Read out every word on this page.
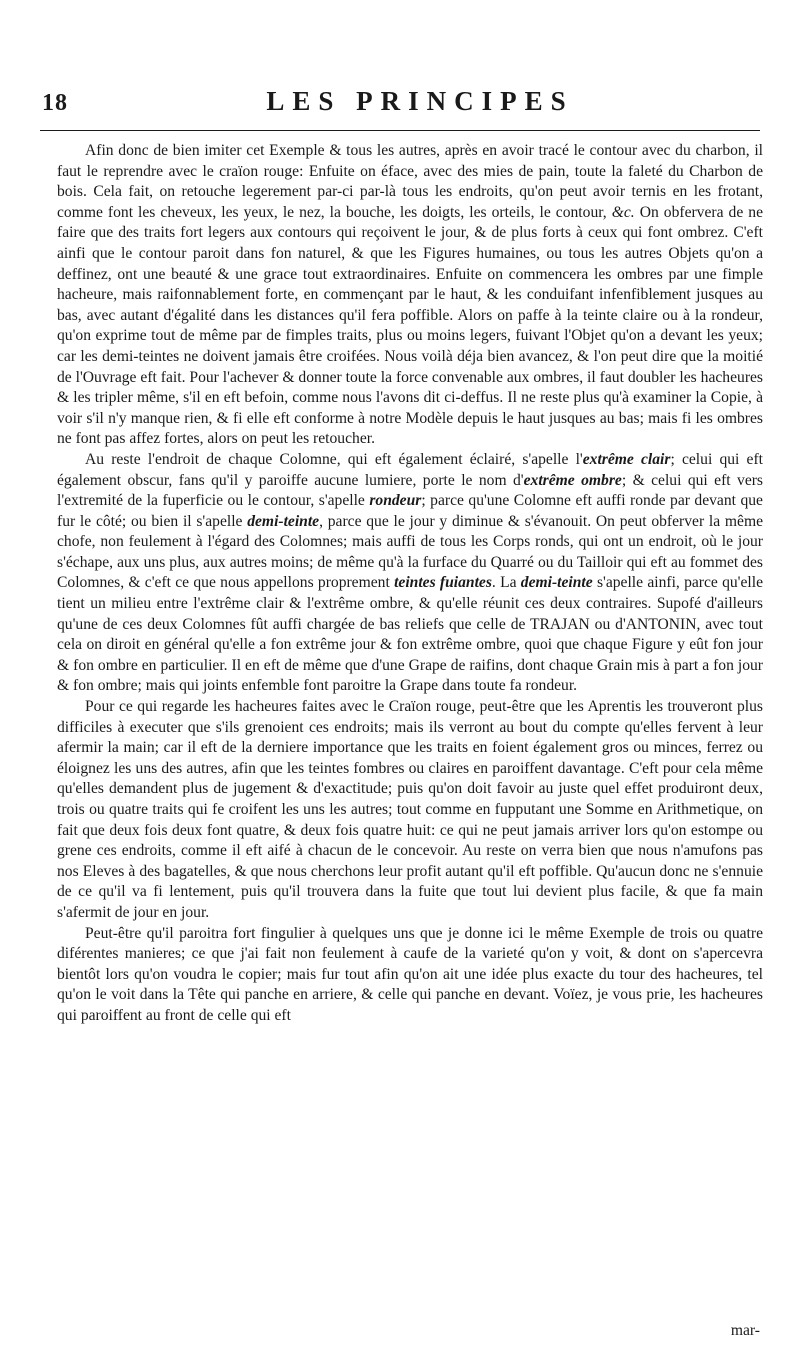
18	LES PRINCIPES

Afin donc de bien imiter cet Exemple & tous les autres, après en avoir tracé le contour avec du charbon, il faut le reprendre avec le craïon rouge: Enfuite on éface, avec des mies de pain, toute la faleté du Charbon de bois. Cela fait, on retouche legerement par-ci par-là tous les endroits, qu'on peut avoir ternis en les frotant, comme font les cheveux, les yeux, le nez, la bouche, les doigts, les orteils, le contour, &c. On obfervera de ne faire que des traits fort legers aux contours qui reçoivent le jour, & de plus forts à ceux qui font ombrez. C'eft ainfi que le contour paroit dans fon naturel, & que les Figures humaines, ou tous les autres Objets qu'on a deffinez, ont une beauté & une grace tout extraordinaires. Enfuite on commencera les ombres par une fimple hacheure, mais raifonnablement forte, en commençant par le haut, & les conduifant infenfiblement jusques au bas, avec autant d'égalité dans les distances qu'il fera poffible. Alors on paffe à la teinte claire ou à la rondeur, qu'on exprime tout de même par de fimples traits, plus ou moins legers, fuivant l'Objet qu'on a devant les yeux; car les demi-teintes ne doivent jamais être croifées. Nous voilà déja bien avancez, & l'on peut dire que la moitié de l'Ouvrage eft fait. Pour l'achever & donner toute la force convenable aux ombres, il faut doubler les hacheures & les tripler même, s'il en eft befoin, comme nous l'avons dit ci-deffus. Il ne reste plus qu'à examiner la Copie, à voir s'il n'y manque rien, & fi elle eft conforme à notre Modèle depuis le haut jusques au bas; mais fi les ombres ne font pas affez fortes, alors on peut les retoucher.

Au reste l'endroit de chaque Colomne, qui eft également éclairé, s'apelle l'extrême clair; celui qui eft également obscur, fans qu'il y paroiffe aucune lumiere, porte le nom d'extrême ombre; & celui qui eft vers l'extremité de la fuperficie ou le contour, s'apelle rondeur; parce qu'une Colomne eft auffi ronde par devant que fur le côté; ou bien il s'apelle demi-teinte, parce que le jour y diminue & s'évanouit. On peut obferver la même chofe, non feulement à l'égard des Colomnes; mais auffi de tous les Corps ronds, qui ont un endroit, où le jour s'échape, aux uns plus, aux autres moins; de même qu'à la furface du Quarré ou du Tailloir qui eft au fommet des Colomnes, & c'eft ce que nous appellons proprement teintes fuiantes. La demi-teinte s'apelle ainfi, parce qu'elle tient un milieu entre l'extrême clair & l'extrême ombre, & qu'elle réunit ces deux contraires. Supofé d'ailleurs qu'une de ces deux Colomnes fût auffi chargée de bas reliefs que celle de TRAJAN ou d'ANTONIN, avec tout cela on diroit en général qu'elle a fon extrême jour & fon extrême ombre, quoi que chaque Figure y eût fon jour & fon ombre en particulier. Il en eft de même que d'une Grape de raifins, dont chaque Grain mis à part a fon jour & fon ombre; mais qui joints enfemble font paroitre la Grape dans toute fa rondeur.

Pour ce qui regarde les hacheures faites avec le Craïon rouge, peut-être que les Aprentis les trouveront plus difficiles à executer que s'ils grenoient ces endroits; mais ils verront au bout du compte qu'elles fervent à leur afermir la main; car il eft de la derniere importance que les traits en foient également gros ou minces, ferrez ou éloignez les uns des autres, afin que les teintes fombres ou claires en paroiffent davantage. C'eft pour cela même qu'elles demandent plus de jugement & d'exactitude; puis qu'on doit favoir au juste quel effet produiront deux, trois ou quatre traits qui fe croifent les uns les autres; tout comme en fupputant une Somme en Arithmetique, on fait que deux fois deux font quatre, & deux fois quatre huit: ce qui ne peut jamais arriver lors qu'on estompe ou grene ces endroits, comme il eft aifé à chacun de le concevoir. Au reste on verra bien que nous n'amufons pas nos Eleves à des bagatelles, & que nous cherchons leur profit autant qu'il eft poffible. Qu'aucun donc ne s'ennuie de ce qu'il va fi lentement, puis qu'il trouvera dans la fuite que tout lui devient plus facile, & que fa main s'afermit de jour en jour.

Peut-être qu'il paroitra fort fingulier à quelques uns que je donne ici le même Exemple de trois ou quatre diférentes manieres; ce que j'ai fait non feulement à caufe de la varieté qu'on y voit, & dont on s'apercevra bientôt lors qu'on voudra le copier; mais fur tout afin qu'on ait une idée plus exacte du tour des hacheures, tel qu'on le voit dans la Tête qui panche en arriere, & celle qui panche en devant. Voïez, je vous prie, les hacheures qui paroiffent au front de celle qui eft

mar-
